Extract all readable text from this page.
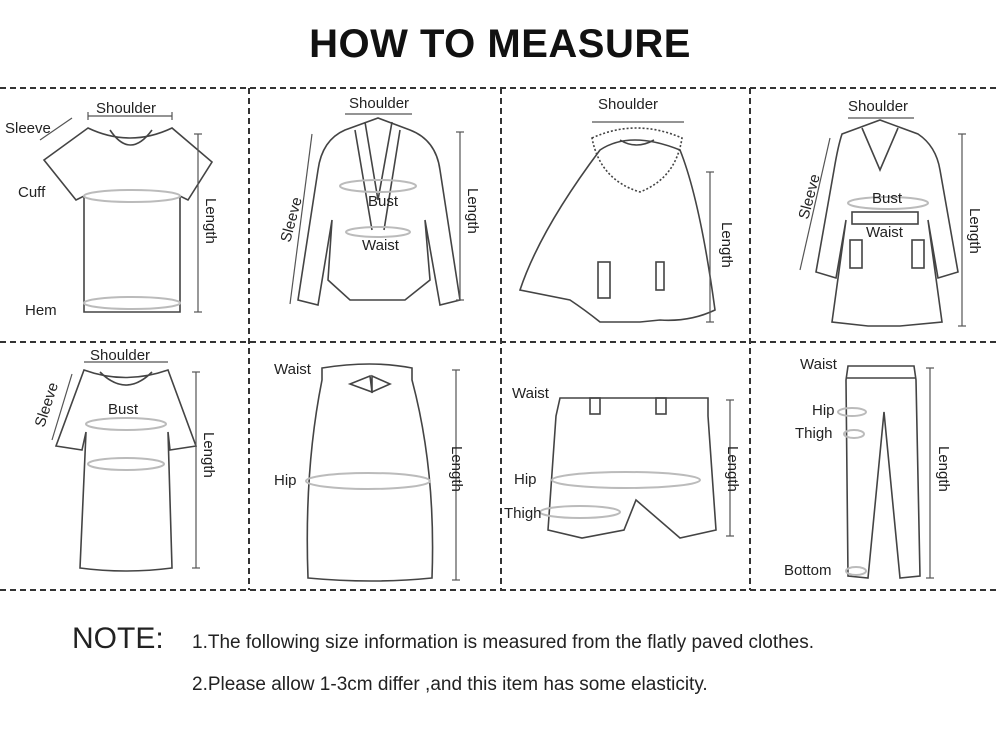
HOW TO MEASURE
Shoulder
Sleeve
Cuff
Hem
Length
Shoulder
Bust
Waist
Sleeve	Length
Shoulder
Length
Shoulder
Bust
Waist
Sleeve
Length
Shoulder
Bust
Sleeve
Length
Waist
Hip	Length
Waist
Hip
Thigh
Length
Waist
Hip
Thigh
Bottom
Length
NOTE: 1.The following size information is measured from the flatly paved clothes.
2.Please allow 1-3cm differ ,and this item has some elasticity.
